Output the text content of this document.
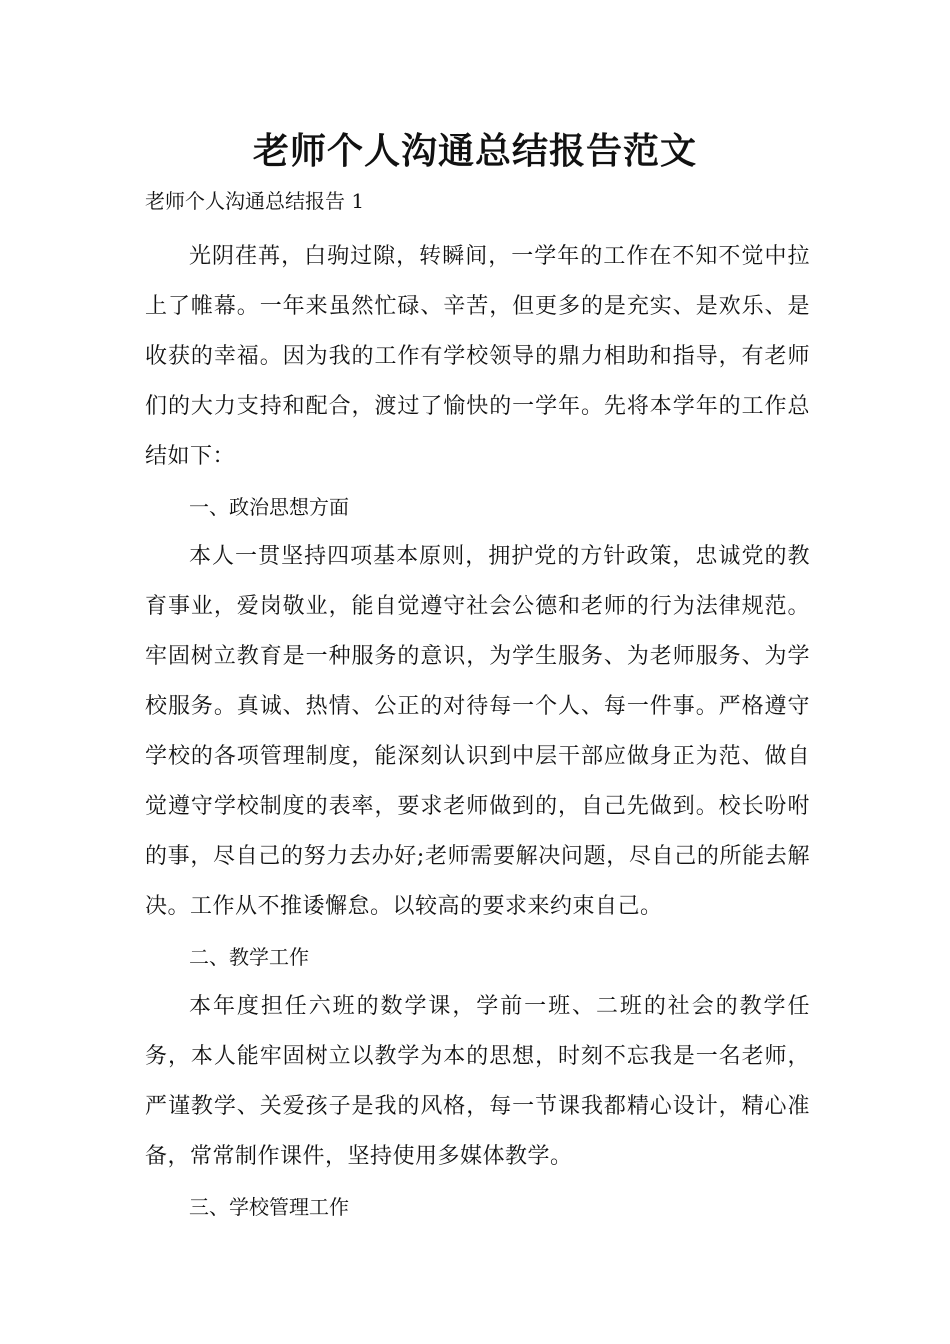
老师个人沟通总结报告范文
老师个人沟通总结报告 1

光阴荏苒，白驹过隙，转瞬间，一学年的工作在不知不觉中拉上了帷幕。一年来虽然忙碌、辛苦，但更多的是充实、是欢乐、是收获的幸福。因为我的工作有学校领导的鼎力相助和指导，有老师们的大力支持和配合，渡过了愉快的一学年。先将本学年的工作总结如下：

一、政治思想方面

本人一贯坚持四项基本原则，拥护党的方针政策，忠诚党的教育事业，爱岗敬业，能自觉遵守社会公德和老师的行为法律规范。牢固树立教育是一种服务的意识，为学生服务、为老师服务、为学校服务。真诚、热情、公正的对待每一个人、每一件事。严格遵守学校的各项管理制度，能深刻认识到中层干部应做身正为范、做自觉遵守学校制度的表率，要求老师做到的，自己先做到。校长吩咐的事，尽自己的努力去办好;老师需要解决问题，尽自己的所能去解决。工作从不推诿懈怠。以较高的要求来约束自己。

二、教学工作

本年度担任六班的数学课，学前一班、二班的社会的教学任务，本人能牢固树立以教学为本的思想，时刻不忘我是一名老师，严谨教学、关爱孩子是我的风格，每一节课我都精心设计，精心准备，常常制作课件，坚持使用多媒体教学。

三、学校管理工作
